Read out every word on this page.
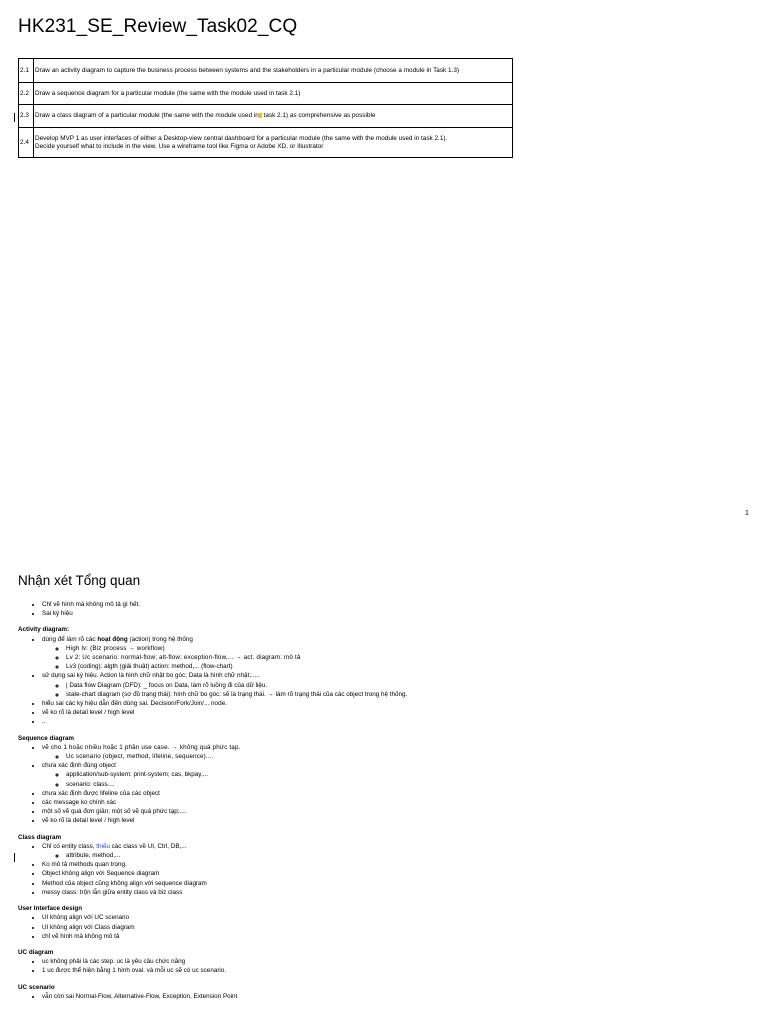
HK231_SE_Review_Task02_CQ
2.1	Draw an activity diagram to capture the business process between systems and the stakeholders in a particular module (choose a module in Task 1.3)
2.2	Draw a sequence diagram for a particular module (the same with the module used in task 2.1)
2.3	Draw a class diagram of a particular module (the same with the module used in task 2.1) as comprehensive as possible
2.4	Develop MVP 1 as user interfaces of either a Desktop-view central dashboard for a particular module (the same with the module used in task 2.1).
Decide yourself what to include in the view. Use a wireframe tool like Figma or Adobe XD, or Illustrator
1
Nhận xét Tổng quan
• Chỉ vẽ hình mà không mô tả gì hết.
• Sai ký hiệu
Activity diagram:
• dùng để làm rõ các hoạt động (action) trong hệ thống
◦ High lv: (Biz process → workflow)
◦ Lv 2: Uc scenario: normal-flow; alt-flow; exception-flow,... → act. diagram: mô tả
◦ Lv3 (coding): algth (giải thuật) action: method,... (flow-chart)
• sử dụng sai ký hiệu. Action là hình chữ nhật bo góc; Data là hình chữ nhật;.....
◦ | Data flow Diagram (DFD): _ focus on Data, làm rõ luồng đi của dữ liệu.
◦ state-chart diagram (sơ đồ trạng thái): hình chữ bo góc: sẽ là trạng thái. → làm rõ trạng thái của các object trong hệ thống.
• hiểu sai các ký hiệu dẫn đến dùng sai. Decision/Fork/Join/... node.
• vẽ ko rõ là detail level / high level
• ..
Sequence diagram
• vẽ cho 1 hoặc nhiều hoặc 1 phần use case. → không quá phức tạp.
◦ Uc scenario (object, method, lifeline, sequence)....
• chưa xác định đúng object
◦ application/sub-system: print-system; cas, bkpay,...
◦ scenario: class....
• chưa xác định được lifeline của các object
• các message ko chính xác
• một số vẽ quá đơn giản; một số vẽ quá phức tạp;....
• vẽ ko rõ là detail level / high level
Class diagram
• Chỉ có entity class, thiếu các class về UI, Ctrl, DB,...
◦ attribute, method,...
• Ko mô tả methods quan trọng.
• Object không align với Sequence diagram
• Method của object cũng không align với sequence diagram
• messy class: trộn lẫn giữa entity class và biz class
User Interface design
• UI không align với UC scenario
• UI không align với Class diagram
• chỉ vẽ hình mà không mô tả
UC diagram
• uc không phải là các step. uc là yêu cầu chức năng
• 1 uc được thể hiện bằng 1 hình oval. và mỗi uc sẽ có uc scenario.
UC scenario
• vẫn còn sai Normal-Flow, Alternative-Flow, Exception, Extension Point
